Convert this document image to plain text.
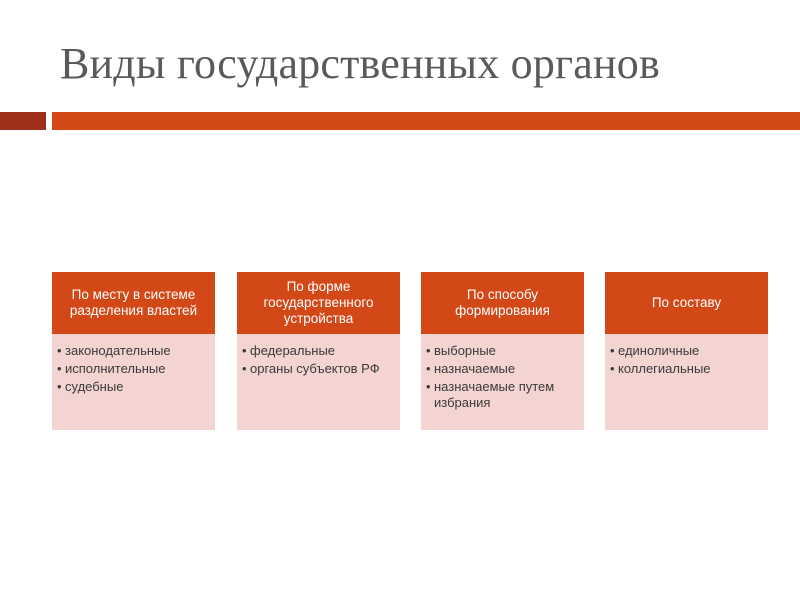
Виды государственных органов
По месту в системе разделения властей
• законодательные
• исполнительные
• судебные
По форме государственного устройства
• федеральные
• органы субъектов РФ
По способу формирования
• выборные
• назначаемые
• назначаемые путем избрания
По составу
• единоличные
• коллегиальные
